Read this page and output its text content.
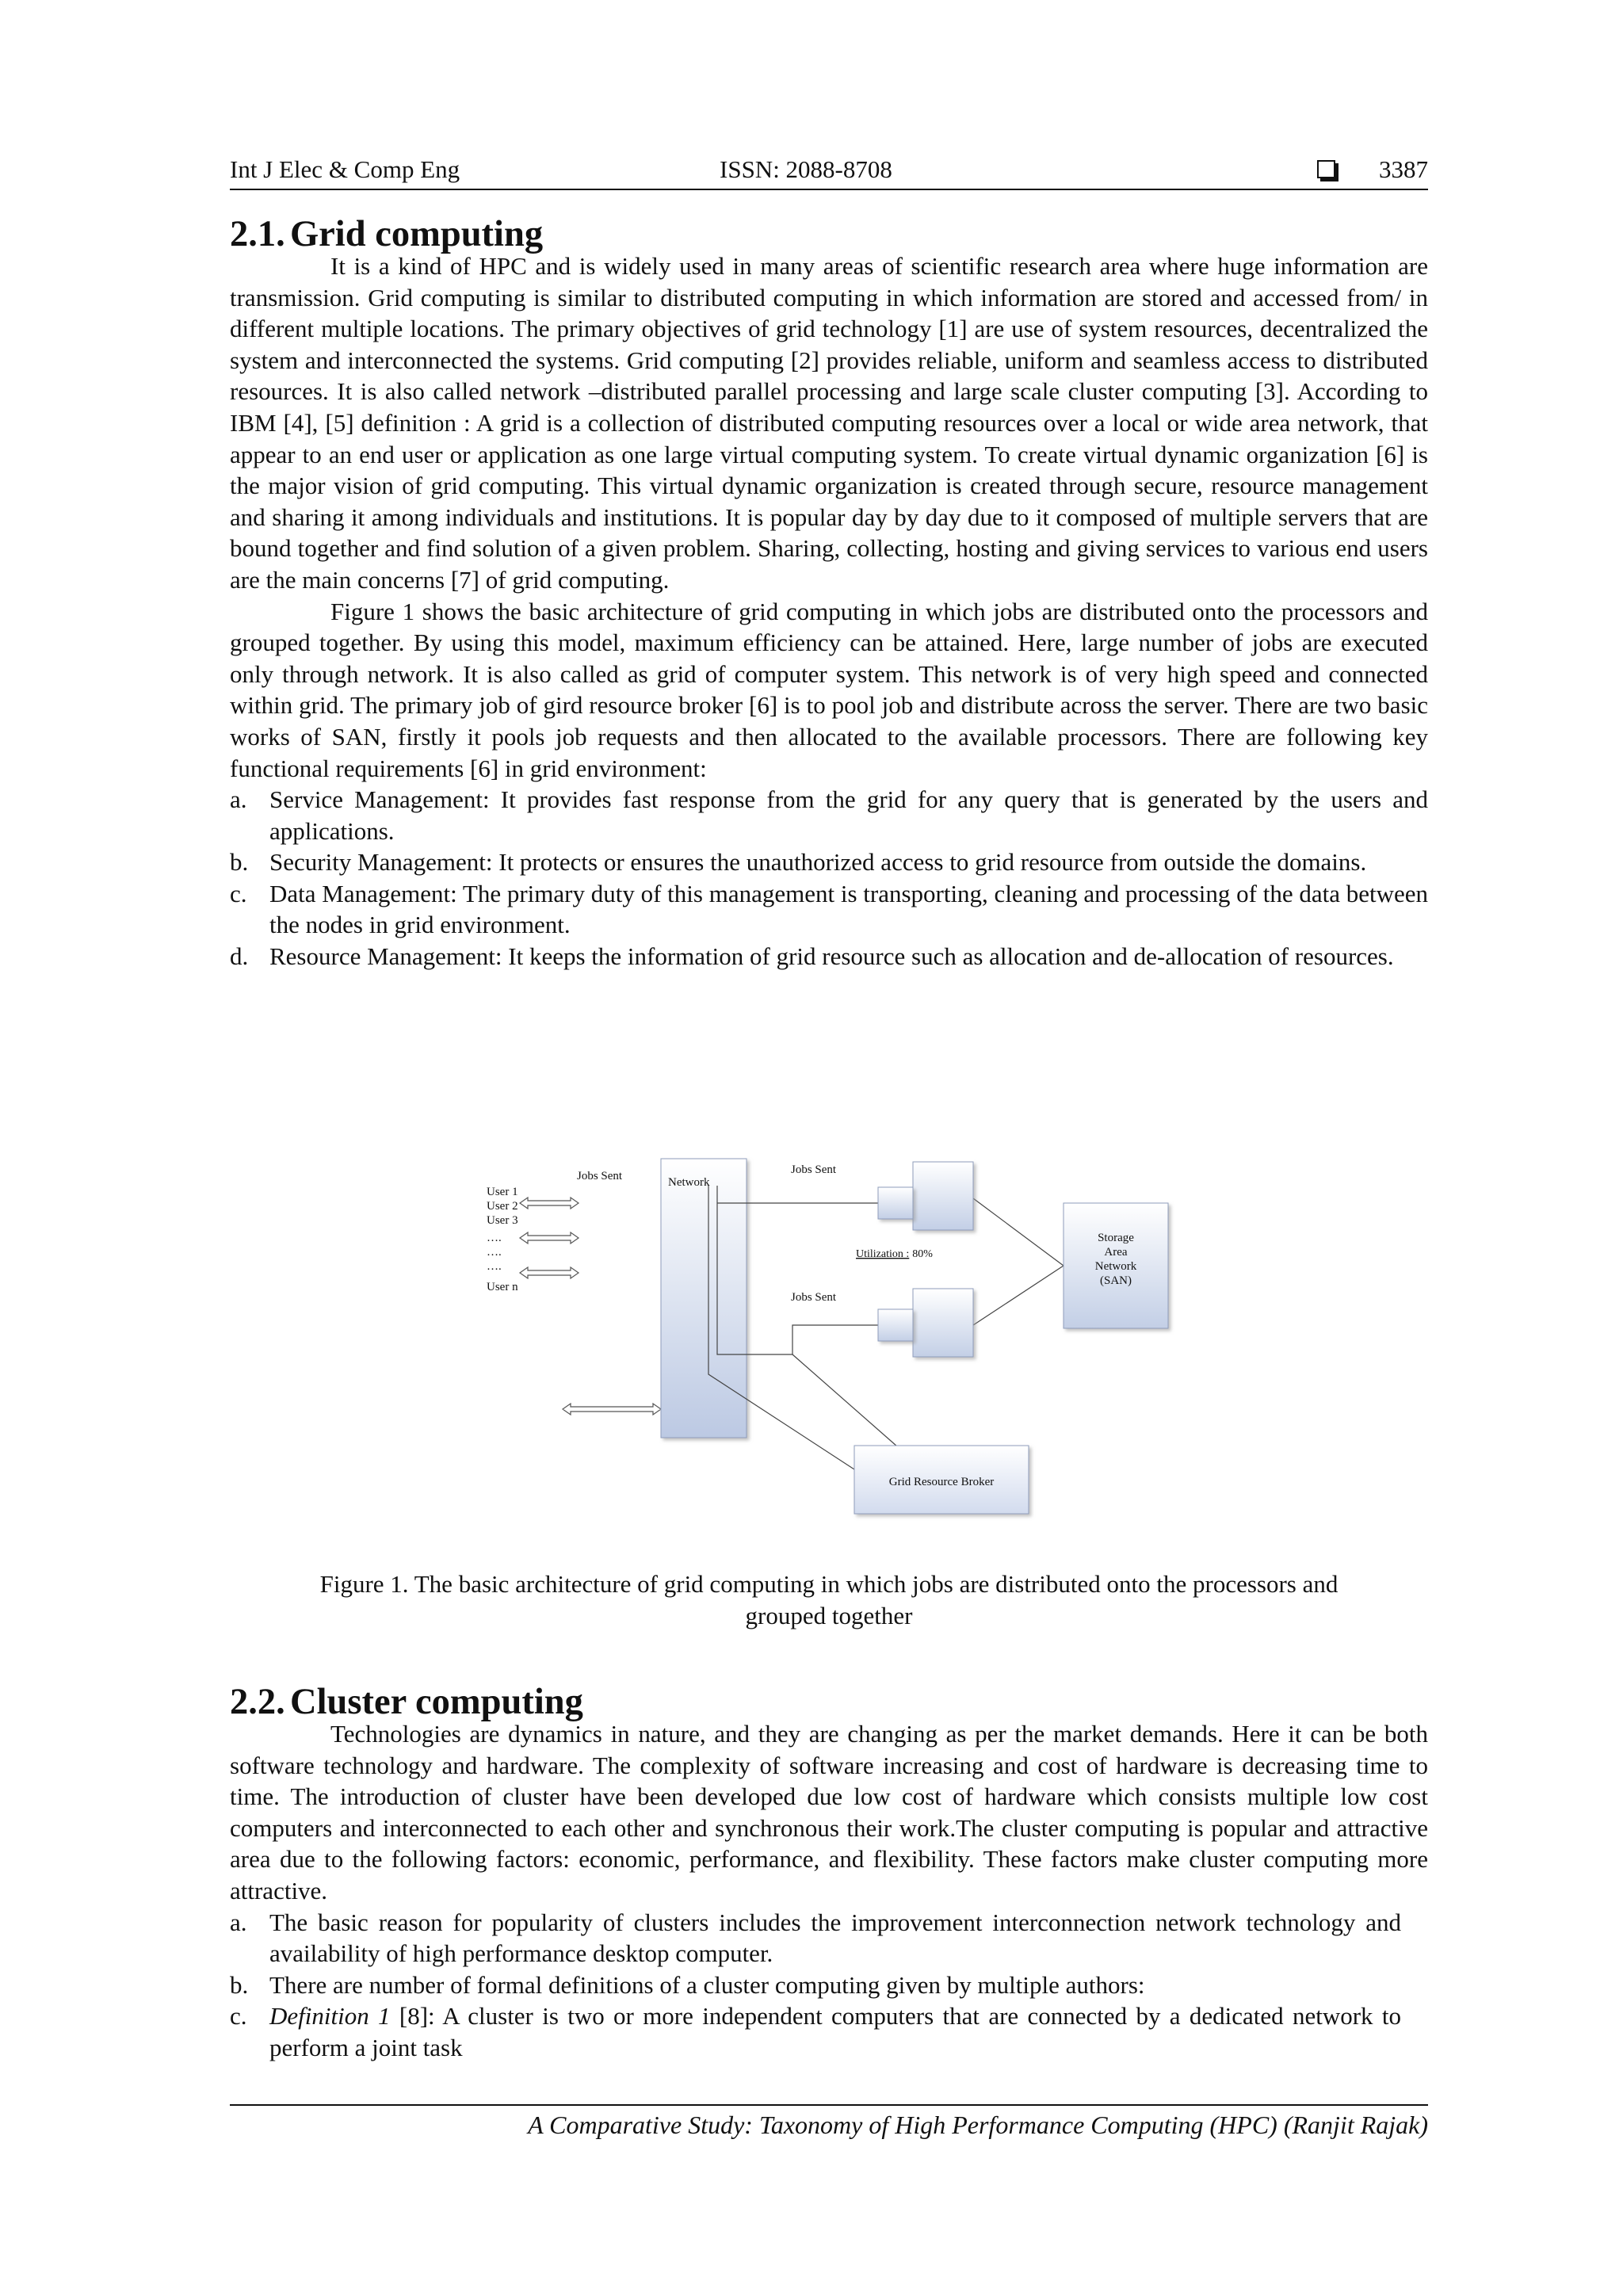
Int J Elec & Comp Eng	ISSN: 2088-8708	3387
2.1. Grid computing

It is a kind of HPC and is widely used in many areas of scientific research area where huge information are transmission. Grid computing is similar to distributed computing in which information are stored and accessed from/ in different multiple locations. The primary objectives of grid technology [1] are use of system resources, decentralized the system and interconnected the systems. Grid computing [2] provides reliable, uniform and seamless access to distributed resources. It is also called network –distributed parallel processing and large scale cluster computing [3]. According to IBM [4], [5] definition : A grid is a collection of distributed computing resources over a local or wide area network, that appear to an end user or application as one large virtual computing system. To create virtual dynamic organization [6] is the major vision of grid computing. This virtual dynamic organization is created through secure, resource management and sharing it among individuals and institutions. It is popular day by day due to it composed of multiple servers that are bound together and find solution of a given problem. Sharing, collecting, hosting and giving services to various end users are the main concerns [7] of grid computing.

Figure 1 shows the basic architecture of grid computing in which jobs are distributed onto the processors and grouped together. By using this model, maximum efficiency can be attained. Here, large number of jobs are executed only through network. It is also called as grid of computer system. This network is of very high speed and connected within grid. The primary job of gird resource broker [6] is to pool job and distribute across the server. There are two basic works of SAN, firstly it pools job requests and then allocated to the available processors. There are following key functional requirements [6] in grid environment:

a. Service Management: It provides fast response from the grid for any query that is generated by the users and applications.
b. Security Management: It protects or ensures the unauthorized access to grid resource from outside the domains.
c. Data Management: The primary duty of this management is transporting, cleaning and processing of the data between the nodes in grid environment.
d. Resource Management: It keeps the information of grid resource such as allocation and de-allocation of resources.
User 1
User 2
User 3
….
….
….
User n
Jobs Sent	Network
Jobs Sent
Jobs Sent
Utilization : 80%
Storage
Area
Network
(SAN)
Grid Resource Broker
Figure 1. The basic architecture of grid computing in which jobs are distributed onto the processors and
grouped together
2.2. Cluster computing

Technologies are dynamics in nature, and they are changing as per the market demands. Here it can be both software technology and hardware. The complexity of software increasing and cost of hardware is decreasing time to time. The introduction of cluster have been developed due low cost of hardware which consists multiple low cost computers and interconnected to each other and synchronous their work.The cluster computing is popular and attractive area due to the following factors: economic, performance, and flexibility. These factors make cluster computing more attractive.

a. The basic reason for popularity of clusters includes the improvement interconnection network technology and availability of high performance desktop computer.
b. There are number of formal definitions of a cluster computing given by multiple authors:
c. Definition 1 [8]: A cluster is two or more independent computers that are connected by a dedicated network to perform a joint task
A Comparative Study: Taxonomy of High Performance Computing (HPC) (Ranjit Rajak)
